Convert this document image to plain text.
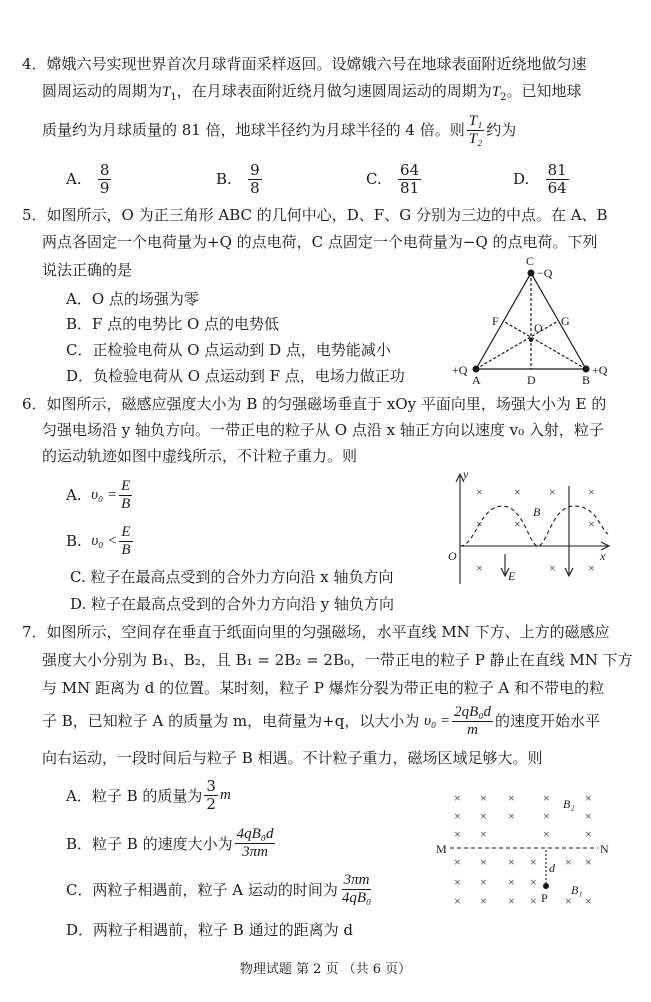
4．嫦娥六号实现世界首次月球背面采样返回。设嫦娥六号在地球表面附近绕地做匀速
圆周运动的周期为$T_1$，在月球表面附近绕月做匀速圆周运动的周期为$T_2$。已知地球
质量约为月球质量的 81 倍，地球半径约为月球半径的 4 倍。则 $\frac{\text{T₁}}{\text{T₂}}$ 约为
A.
$\frac{8}{9}$	B.
$\frac{9}{8}$	C.
$\frac{64}{81}$	D.
$\frac{81}{64}$
5．如图所示，O 为正三角形 ABC 的几何中心，D、F、G 分别为三边的中点。在 A、B
两点各固定一个电荷量为+Q 的点电荷，C 点固定一个电荷量为−Q 的点电荷。下列
说法正确的是
A．O 点的场强为零
B．F 点的电势比 O 点的电势低
C．正检验电荷从 O 点运动到 D 点，电势能减小
D．负检验电荷从 O 点运动到 F 点，电场力做正功
C
−Q
A	B
+Q	+Q
D
F	G
O
6．如图所示，磁感应强度大小为 B 的匀强磁场垂直于 xOy 平面向里，场强大小为 E 的
匀强电场沿 y 轴负方向。一带正电的粒子从 O 点沿 x 轴正方向以速度 v₀ 入射，粒子
的运动轨迹如图中虚线所示，不计粒子重力。则
A.
$\upsilon_0 = \frac{E}{B}$
B.
$\upsilon_0 < \frac{E}{B}$
C. 粒子在最高点受到的合外力方向沿 x 轴负方向
D. 粒子在最高点受到的合外力方向沿 y 轴负方向
y
x
O
E
B
×	× ×	×
×	×	×
×	×	×
7．如图所示，空间存在垂直于纸面向里的匀强磁场，水平直线 MN 下方、上方的磁感应
强度大小分别为 B₁、B₂，且 B₁ = 2B₂ = 2B₀，一带正电的粒子 P 静止在直线 MN 下方
与 MN 距离为 d 的位置。某时刻，粒子 P 爆炸分裂为带正电的粒子 A 和不带电的粒
子 B，已知粒子 A 的质量为 m，电荷量为+q，以大小为
$\upsilon_0 = \frac{\text{2qB₀d}}{m}$ 的速度开始水平
向右运动，一段时间后与粒子 B 相遇。不计粒子重力，磁场区域足够大。则
A．粒子 B 的质量为 $\frac{3}{2}$ m
B．粒子 B 的速度大小为 $\frac{\text{4qB₀d}}{3\pi m}$
C．两粒子相遇前，粒子 A 运动的时间为 $\frac{3\pi m}{\text{4qB₀}}$
D．两粒子相遇前，粒子 B 通过的距离为 d
M	N
B₂
B₁
d
P
× × × ×	×
× × × ×	×
× ×	×	×
× × × × × ×
× × × ×
× × × × × ×
物理试题 第 2 页 （共 6 页）
